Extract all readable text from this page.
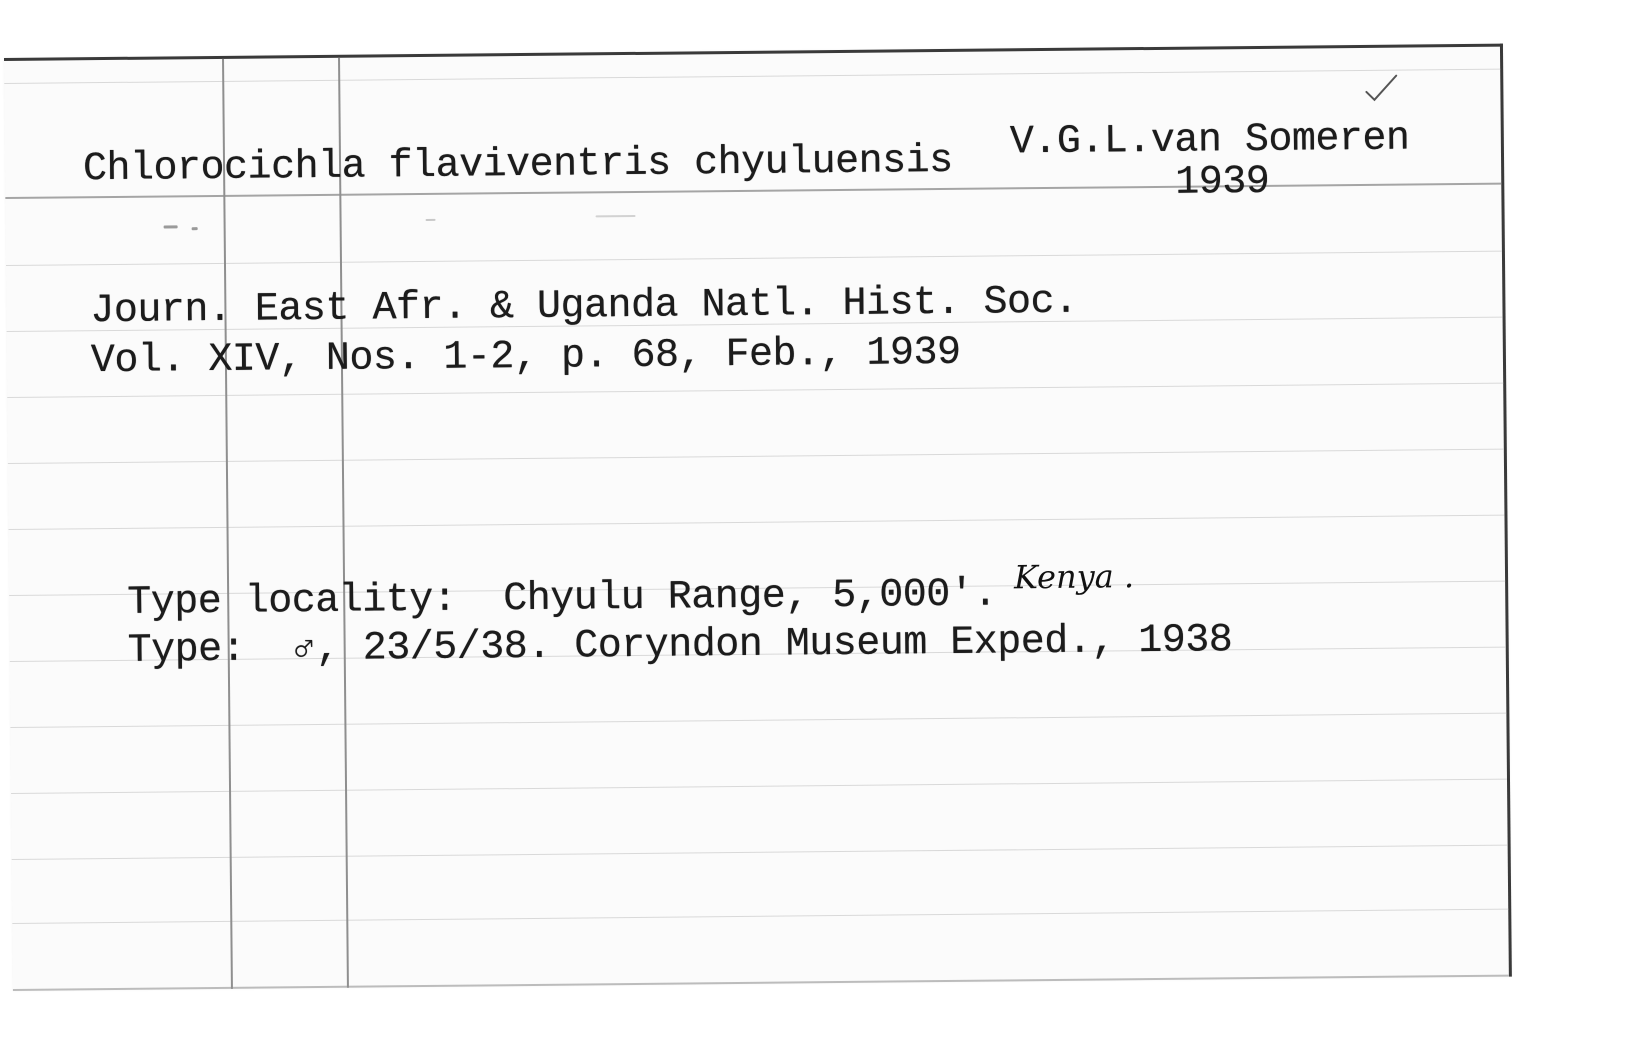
Chlorocichla flaviventris chyuluensis V.G.L.van Someren
1939
Journ. East Afr. & Uganda Natl. Hist. Soc.
Vol. XIV, Nos. 1-2, p. 68, Feb., 1939
Type locality:  Chyulu Range, 5,000'. Kenya .
Type:  ♂, 23/5/38. Coryndon Museum Exped., 1938
